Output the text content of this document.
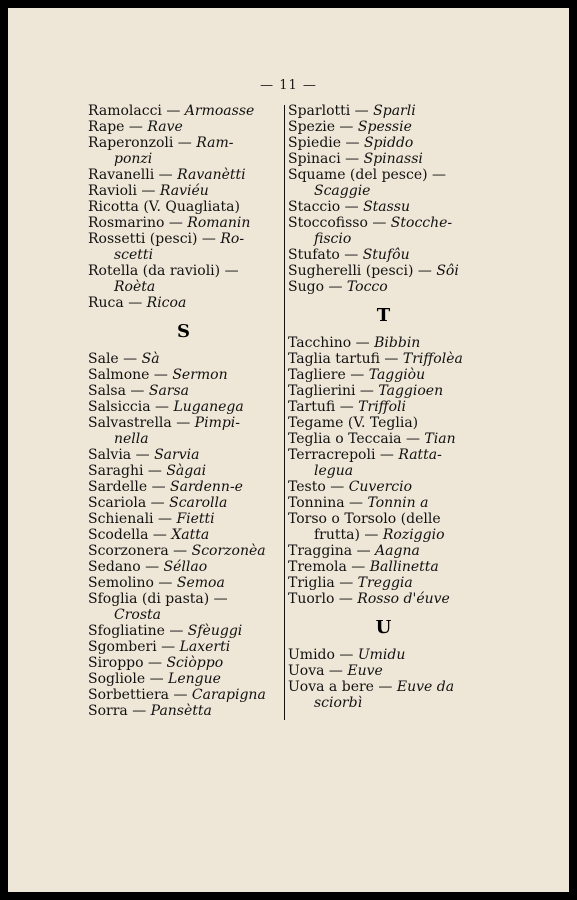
— 11 —
Ramolacci — Armoasse
Rape — Rave
Raperonzoli — Ram-
ponzi
Ravanelli — Ravanètti
Ravioli — Raviéu
Ricotta (V. Quagliata)
Rosmarino — Romanin
Rossetti (pesci) — Ro-
scetti
Rotella (da ravioli) —
Roèta
Ruca — Ricoa
S
Sale — Sà
Salmone — Sermon
Salsa — Sarsa
Salsiccia — Luganega
Salvastrella — Pimpi-
nella
Salvia — Sarvia
Saraghi — Sàgai
Sardelle — Sardenn-e
Scariola — Scarolla
Schienali — Fietti
Scodella — Xatta
Scorzonera — Scorzonèa
Sedano — Séllao
Semolino — Semoa
Sfoglia (di pasta) —
Crosta
Sfogliatine — Sfèuggi
Sgomberi — Laxerti
Siroppo — Sciòppo
Sogliole — Lengue
Sorbettiera — Carapigna
Sorra — Pansètta
Sparlotti — Sparli
Spezie — Spessie
Spiedie — Spiddo
Spinaci — Spinassi
Squame (del pesce) —
Scaggie
Staccio — Stassu
Stoccofisso — Stocche-
fiscio
Stufato — Stufôu
Sugherelli (pesci) — Sôi
Sugo — Tocco
T
Tacchino — Bibbin
Taglia tartufi — Triffolèa
Tagliere — Taggiòu
Taglierini — Taggioen
Tartufi — Triffoli
Tegame (V. Teglia)
Teglia o Teccaia — Tian
Terracrepoli — Ratta-
legua
Testo — Cuvercio
Tonnina — Tonnin a
Torso o Torsolo (delle
frutta) — Roziggio
Traggina — Aagna
Tremola — Ballinetta
Triglia — Treggia
Tuorlo — Rosso d'éuve
U
Umido — Umidu
Uova — Euve
Uova a bere — Euve da
sciorbì
